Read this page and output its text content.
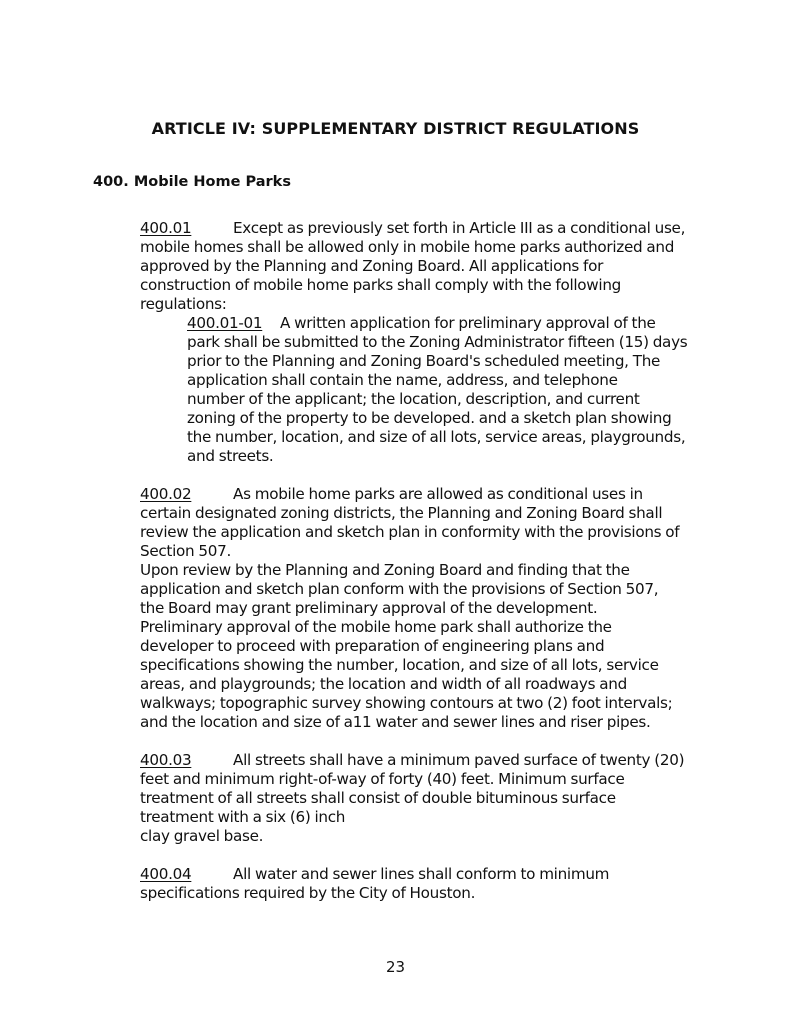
ARTICLE IV: SUPPLEMENTARY DISTRICT REGULATIONS
400. Mobile Home Parks
400.01	Except as previously set forth in Article III as a conditional use,
mobile homes shall be allowed only in mobile home parks authorized and
approved by the Planning and Zoning Board. All applications for
construction of mobile home parks shall comply with the following
regulations:
400.01-01 A written application for preliminary approval of the
park shall be submitted to the Zoning Administrator fifteen (15) days
prior to the Planning and Zoning Board's scheduled meeting, The
application shall contain the name, address, and telephone
number of the applicant; the location, description, and current
zoning of the property to be developed. and a sketch plan showing
the number, location, and size of all lots, service areas, playgrounds,
and streets.
400.02	As mobile home parks are allowed as conditional uses in
certain designated zoning districts, the Planning and Zoning Board shall
review the application and sketch plan in conformity with the provisions of
Section 507.
Upon review by the Planning and Zoning Board and finding that the
application and sketch plan conform with the provisions of Section 507,
the Board may grant preliminary approval of the development.
Preliminary approval of the mobile home park shall authorize the
developer to proceed with preparation of engineering plans and
specifications showing the number, location, and size of all lots, service
areas, and playgrounds; the location and width of all roadways and
walkways; topographic survey showing contours at two (2) foot intervals;
and the location and size of a11 water and sewer lines and riser pipes.
400.03	All streets shall have a minimum paved surface of twenty (20)
feet and minimum right-of-way of forty (40) feet. Minimum surface
treatment of all streets shall consist of double bituminous surface
treatment with a six (6) inch
clay gravel base.
400.04	All water and sewer lines shall conform to minimum
specifications required by the City of Houston.
23
